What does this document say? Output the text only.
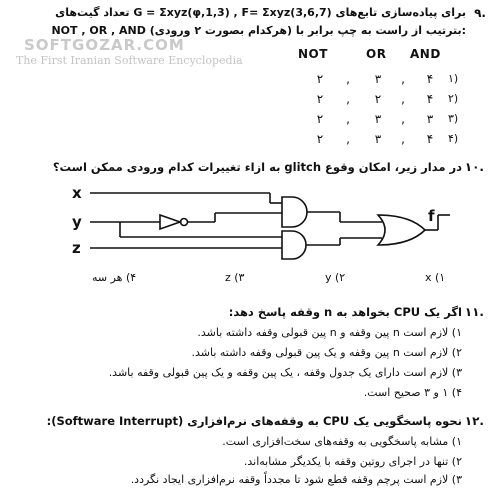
۹.
برای پیاده‌سازی تابع‌های G = Σxyz(φ,1,3) , F= Σxyz(3,6,7) تعداد گیت‌های
NOT , OR , AND (هرکدام بصورت ۲ ورودی) بترتیب از راست به چپ برابر با:
SOFTGOZAR.COM
The First Iranian Software Encyclopedia	NOT	OR AND
۲	,	۳	,	۴	۱)
۲	,	۲	,	۴	۲)
۲	,	۳	,	۳	۳)
۲	,	۳	,	۴	۴)
۱۰.
در مدار زیر، امکان وقوع glitch به ازاء تغییرات کدام ورودی ممکن است؟
x
y
z
f
x (۱
y (۲
z (۳
۴) هر سه
۱۱.
اگر یک CPU بخواهد به n وقفه پاسخ دهد:
۱) لازم است n پین وقفه و n پین قبولی وقفه داشته باشد.
۲) لازم است n پین وقفه و یک پین قبولی وقفه داشته باشد.
۳) لازم است دارای یک جدول وقفه ، یک پین وقفه و یک پین قبولی وقفه باشد.
۴) ۱ و ۳ صحیح است.
۱۲.
نحوه پاسخگویی یک CPU به وقفه‌های نرم‌افزاری (Software Interrupt):
۱) مشابه پاسخگویی به وقفه‌های سخت‌افزاری است.
۲) تنها در اجرای روتین وقفه با یکدیگر مشابه‌اند.
۳) لازم است پرچم وقفه قطع شود تا مجدداً وقفه نرم‌افزاری ایجاد نگردد.
